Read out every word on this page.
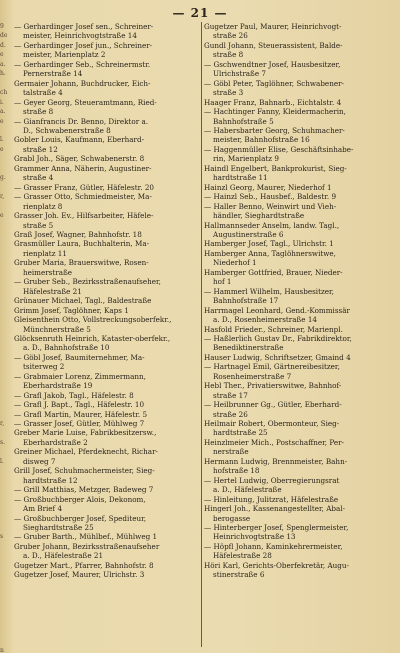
— 21 —
9
de
d.
e
a.
h.

ch
i.
a.
e

l.
e

g.

r,

e

r,

s.

l.

s

n
— Gerhardinger Josef sen., Schreiner-
meister, Heinrichvogtstraße 14
— Gerhardinger Josef jun., Schreiner-
meister, Marienplatz 2
— Gerhardinger Seb., Schreinermstr.
Pernerstraße 14
Germaier Johann, Buchdrucker, Eich-
talstraße 4
— Geyer Georg, Steueramtmann, Ried-
straße 8
— Gianfrancis Dr. Benno, Direktor a.
D., Schwabenerstraße 8
Gobler Louis, Kaufmann, Eberhard-
straße 12
Grabl Joh., Säger, Schwabenerstr. 8
Grammer Anna, Näherin, Augustiner-
straße 4
— Grasser Franz, Gütler, Häfelestr. 20
— Grasser Otto, Schmiedmeister, Ma-
rienplatz 8
Grasser Joh. Ev., Hilfsarbeiter, Häfele-
straße 5
Graß Josef, Wagner, Bahnhofstr. 18
Grasmüller Laura, Buchhalterin, Ma-
rienplatz 11
Gruber Maria, Brauerswitwe, Rosen-
heimerstraße
— Gruber Seb., Bezirksstraßenaufseher,
Häfelestraße 21
Grünauer Michael, Tagl., Baldestraße
Grimm Josef, Taglöhner, Kaps 1
Gleisenthein Otto, Vollstreckungsoberfekr.,
Münchnerstraße 5
Glöcksenruth Heinrich, Kataster-oberfekr.,
a. D., Bahnhofstraße 10
— Göbl Josef, Baumiternehmer, Ma-
tsiterweg 2
— Grabmaier Lorenz, Zimmermann,
Eberhardstraße 19
— Grafl Jakob, Tagl., Häfelestr. 8
— Grafl J. Bapt., Tagl., Häfelestr. 10
— Grafl Martin, Maurer, Häfelestr. 5
— Grasser Josef, Gütler, Mühlweg 7
Greber Marie Luise, Fabrikbesitzersw.,
Eberhardstraße 2
Greiner Michael, Pferdeknecht, Richar-
disweg 7
Grill Josef, Schuhmachermeister, Sieg-
hardtstraße 12
— Grill Matthias, Metzger, Badeweg 7
— Großbuchberger Alois, Dekonom,
Am Brief 4
— Großbuchberger Josef, Spediteur,
Sieghardtstraße 25
— Gruber Barth., Mühlbef., Mühlweg 1
Gruber Johann, Bezirksstraßenaufseher
a. D., Häfelestraße 21
Gugetzer Mart., Pfarrer, Bahnhofstr. 8
Gugetzer Josef, Maurer, Ulrichstr. 3
Gugetzer Paul, Maurer, Heinrichvogt-
straße 26
Gundl Johann, Steuerassistent, Balde-
straße 8
— Gschwendtner Josef, Hausbesitzer,
Ulrichstraße 7
— Göbl Peter, Taglöhner, Schwabener-
straße 3
Haager Franz, Bahnarb., Eichtalstr. 4
— Hachtinger Fanny, Kleidermacherin,
Bahnhofstraße 5
— Habersbarter Georg, Schuhmacher-
meister, Bahnhofstraße 16
— Haggenmüller Elise, Geschäftsinhabe-
rin, Marienplatz 9
Haindl Engelbert, Bankprokurist, Sieg-
hardtstraße 11
Hainzl Georg, Maurer, Niederhof 1
— Hainzl Seb., Hausbef., Baldestr. 9
— Haller Benno, Weinwirt und Vieh-
händler, Sieghardtstraße
Hallmannseder Anselm, landw. Tagl.,
Augustinerstraße 6
Hamberger Josef, Tagl., Ulrichstr. 1
Hamberger Anna, Taglöhnerswitwe,
Niederhof 1
Hamberger Gottfried, Brauer, Nieder-
hof 1
— Hammerl Wilhelm, Hausbesitzer,
Bahnhofstraße 17
Harrmagel Leonhard, Gend.-Kommissär
a. D., Rosenheimerstraße 14
Hasfold Frieder., Schreiner, Marienpl.
— Haßlerlich Gustav Dr., Fabrikdirektor,
Benediktinerstraße
Hauser Ludwig, Schriftsetzer, Gmaind 4
— Hartnagel Emil, Gärtnereibesitzer,
Rosenheimerstraße 7
Hebl Ther., Privatierswitwe, Bahnhof-
straße 17
— Heilbrunner Gg., Gütler, Eberhard-
straße 26
Heilmair Robert, Obermonteur, Sieg-
hardtstraße 25
Heinzlmeier Mich., Postschaffner, Per-
nerstraße
Hermann Ludwig, Brennmeister, Bahn-
hofstraße 18
— Hertel Ludwig, Oberregierungsrat
a. D., Häfelestraße
— Hinleitung, Julitzrat, Häfelestraße
Hingerl Joh., Kassenangestellter, Abal-
berogasse
— Hinterberger Josef, Spenglermeister,
Heinrichvogtstraße 13
— Höpfl Johann, Kaminkehrermeister,
Häfelestraße 28
Höri Karl, Gerichts-Oberfekretär, Augu-
stinerstraße 6
